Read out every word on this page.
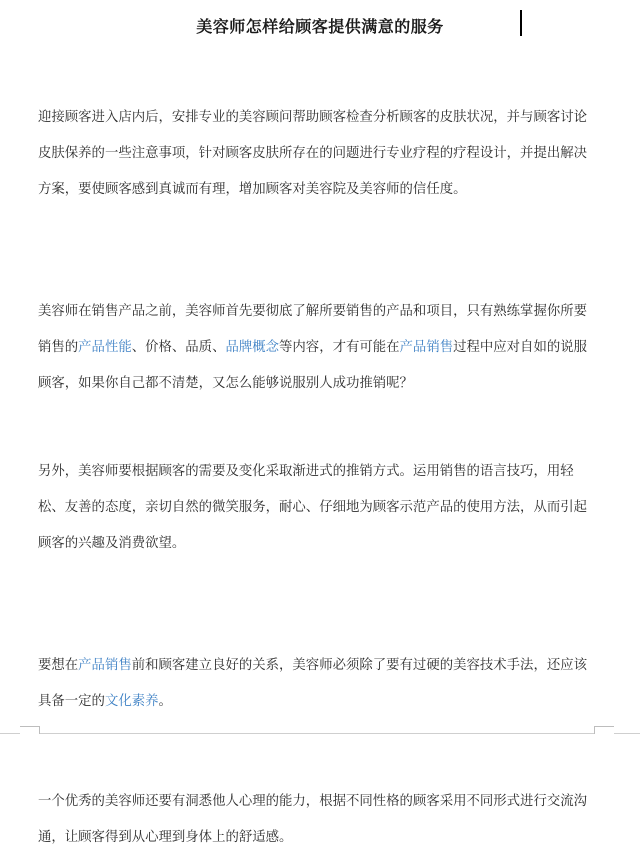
美容师怎样给顾客提供满意的服务

迎接顾客进入店内后，安排专业的美容顾问帮助顾客检查分析顾客的皮肤状况，并与顾客讨论皮肤保养的一些注意事项，针对顾客皮肤所存在的问题进行专业疗程的疗程设计，并提出解决方案，要使顾客感到真诚而有理，增加顾客对美容院及美容师的信任度。

美容师在销售产品之前，美容师首先要彻底了解所要销售的产品和项目，只有熟练掌握你所要销售的产品性能、价格、品质、品牌概念等内容，才有可能在产品销售过程中应对自如的说服顾客，如果你自己都不清楚，又怎么能够说服别人成功推销呢？

另外，美容师要根据顾客的需要及变化采取渐进式的推销方式。运用销售的语言技巧，用轻松、友善的态度，亲切自然的微笑服务，耐心、仔细地为顾客示范产品的使用方法，从而引起顾客的兴趣及消费欲望。

要想在产品销售前和顾客建立良好的关系，美容师必须除了要有过硬的美容技术手法，还应该具备一定的文化素养。

一个优秀的美容师还要有洞悉他人心理的能力，根据不同性格的顾客采用不同形式进行交流沟通，让顾客得到从心理到身体上的舒适感。
